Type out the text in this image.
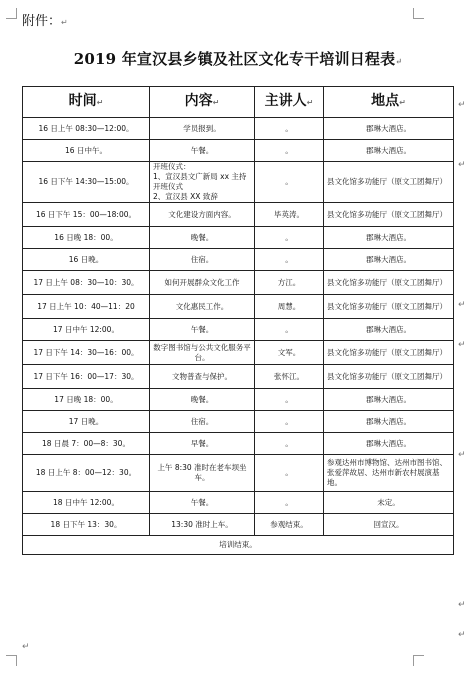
附件：↵
2019 年宣汉县乡镇及社区文化专干培训日程表↵
时间↵	内容↵	主讲人↵	地点↵
16 日上午 08:30—12:00。	学员报到。	。	郡琳大酒店。
16 日中午。	午餐。	。	郡琳大酒店。
16 日下午 14:30—15:00。	开班仪式：
1、宣汉县文广新局 xx 主持开班仪式
2、宣汉县 XX 致辞	。	县文化馆多功能厅（原文工团舞厅）
16 日下午 15：00—18:00。	文化建设方面内容。	毕英涛。	县文化馆多功能厅（原文工团舞厅）
16 日晚 18：00。	晚餐。	。	郡琳大酒店。
16 日晚。	住宿。	。	郡琳大酒店。
17 日上午 08：30—10：30。	如何开展群众文化工作	方江。	县文化馆多功能厅（原文工团舞厅）
17 日上午 10：40—11：20	文化惠民工作。	周慧。	县文化馆多功能厅（原文工团舞厅）
17 日中午 12:00。	午餐。	。	郡琳大酒店。
17 日下午 14：30—16：00。	数字图书馆与公共文化服务平台。	文军。	县文化馆多功能厅（原文工团舞厅）
17 日下午 16：00—17：30。	文物普查与保护。	张怀江。	县文化馆多功能厅（原文工团舞厅）
17 日晚 18：00。	晚餐。	。	郡琳大酒店。
17 日晚。	住宿。	。	郡琳大酒店。
18 日晨 7：00—8：30。	早餐。	。	郡琳大酒店。
18 日上午 8：00—12：30。	上午 8:30 准时在老车坝坐车。	。	参观达州市博物馆、达州市图书馆、张爱萍故居、达州市新农村展演基地。
18 日中午 12:00。	午餐。	。	未定。
18 日下午 13：30。	13:30 准时上车。	参观结束。	回宣汉。
培训结束。			
↵
↵
↵
↵
↵
↵
↵
↵
